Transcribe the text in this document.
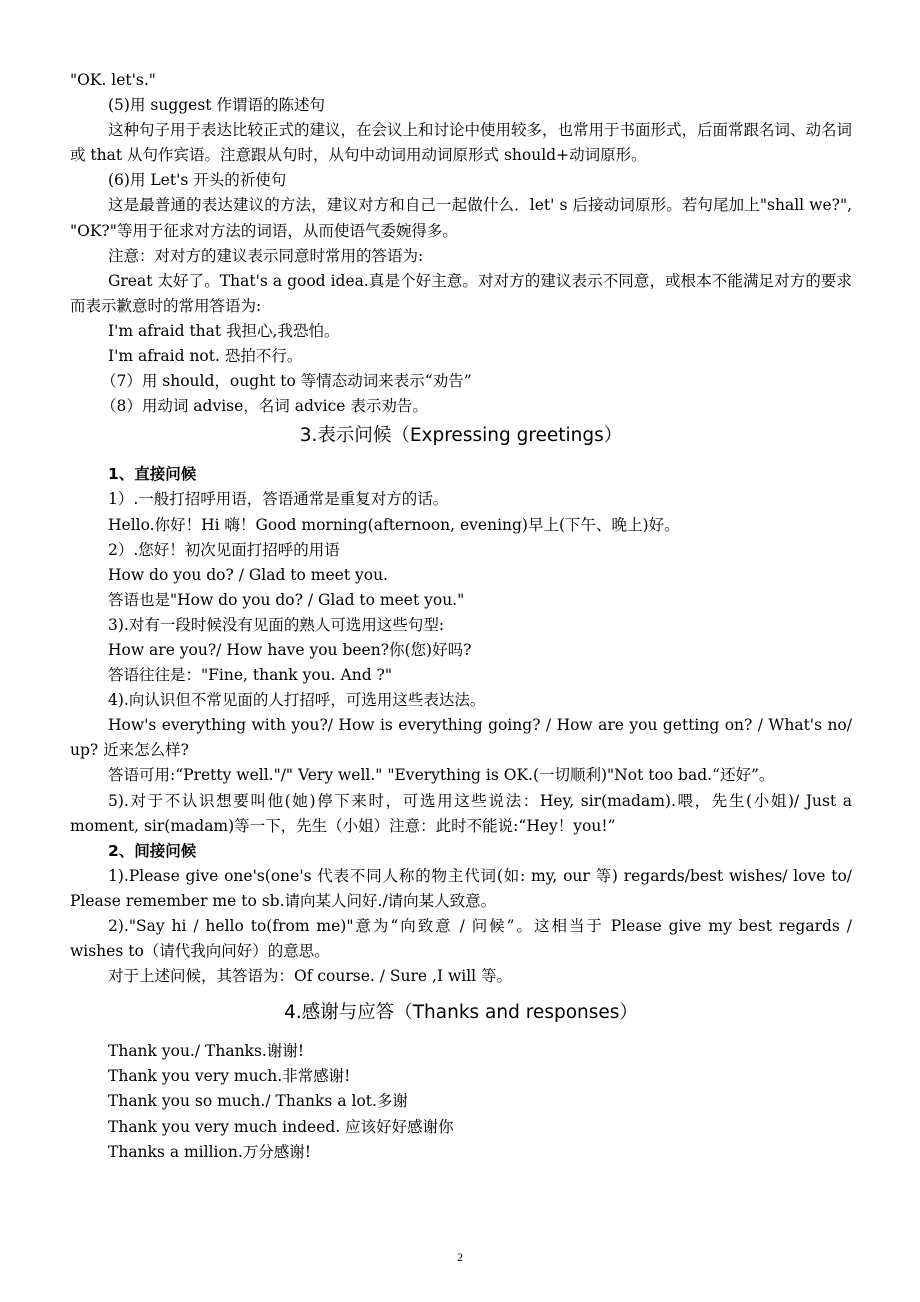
"OK. let's."
(5)用 suggest 作谓语的陈述句
这种句子用于表达比较正式的建议，在会议上和讨论中使用较多，也常用于书面形式，后面常跟名词、动名词或 that 从句作宾语。注意跟从句时，从句中动词用动词原形式 should+动词原形。
(6)用 Let's 开头的祈使句
这是最普通的表达建议的方法，建议对方和自己一起做什么．let' s 后接动词原形。若句尾加上"shall we?", "OK?"等用于征求对方法的词语，从而使语气委婉得多。
注意：对对方的建议表示同意时常用的答语为:
Great 太好了。That's a good idea.真是个好主意。对对方的建议表示不同意，或根本不能满足对方的要求而表示歉意时的常用答语为:
I'm afraid that 我担心,我恐怕。
I'm afraid not. 恐拍不行。
（7）用 should，ought to 等情态动词来表示“劝告”
（8）用动词 advise，名词 advice 表示劝告。
3.表示问候（Expressing greetings）
1、直接问候
1）.一般打招呼用语，答语通常是重复对方的话。
Hello.你好！Hi 嗨！Good morning(afternoon, evening)早上(下午、晚上)好。
2）.您好！初次见面打招呼的用语
How do you do? / Glad to meet you.
答语也是"How do you do? / Glad to meet you."
3).对有一段时候没有见面的熟人可选用这些句型:
How are you?/ How have you been?你(您)好吗?
答语往往是："Fine, thank you. And ?"
4).向认识但不常见面的人打招呼，可选用这些表达法。
How's everything with you?/ How is everything going? / How are you getting on? / What's no/ up? 近来怎么样?
答语可用:“Pretty well."/" Very well." "Everything is OK.(一切顺利)"Not too bad.“还好”。
5).对于不认识想要叫他(她)停下来时，可选用这些说法：Hey, sir(madam).喂，先生(小姐)/ Just a moment, sir(madam)等一下，先生（小姐）注意：此时不能说:“Hey！you!”
2、间接问候
1).Please give one's(one's 代表不同人称的物主代词(如: my, our 等) regards/best wishes/ love to/ Please remember me to sb.请向某人问好./请向某人致意。
2)."Say hi / hello to(from me)"意为“向致意 / 问候”。这相当于 Please give my best regards / wishes to（请代我向问好）的意思。
对于上述问候，其答语为：Of course. / Sure ,I will 等。
4.感谢与应答（Thanks and responses）
Thank you./ Thanks.谢谢!
Thank you very much.非常感谢!
Thank you so much./ Thanks a lot.多谢
Thank you very much indeed. 应该好好感谢你
Thanks a million.万分感谢!
2
